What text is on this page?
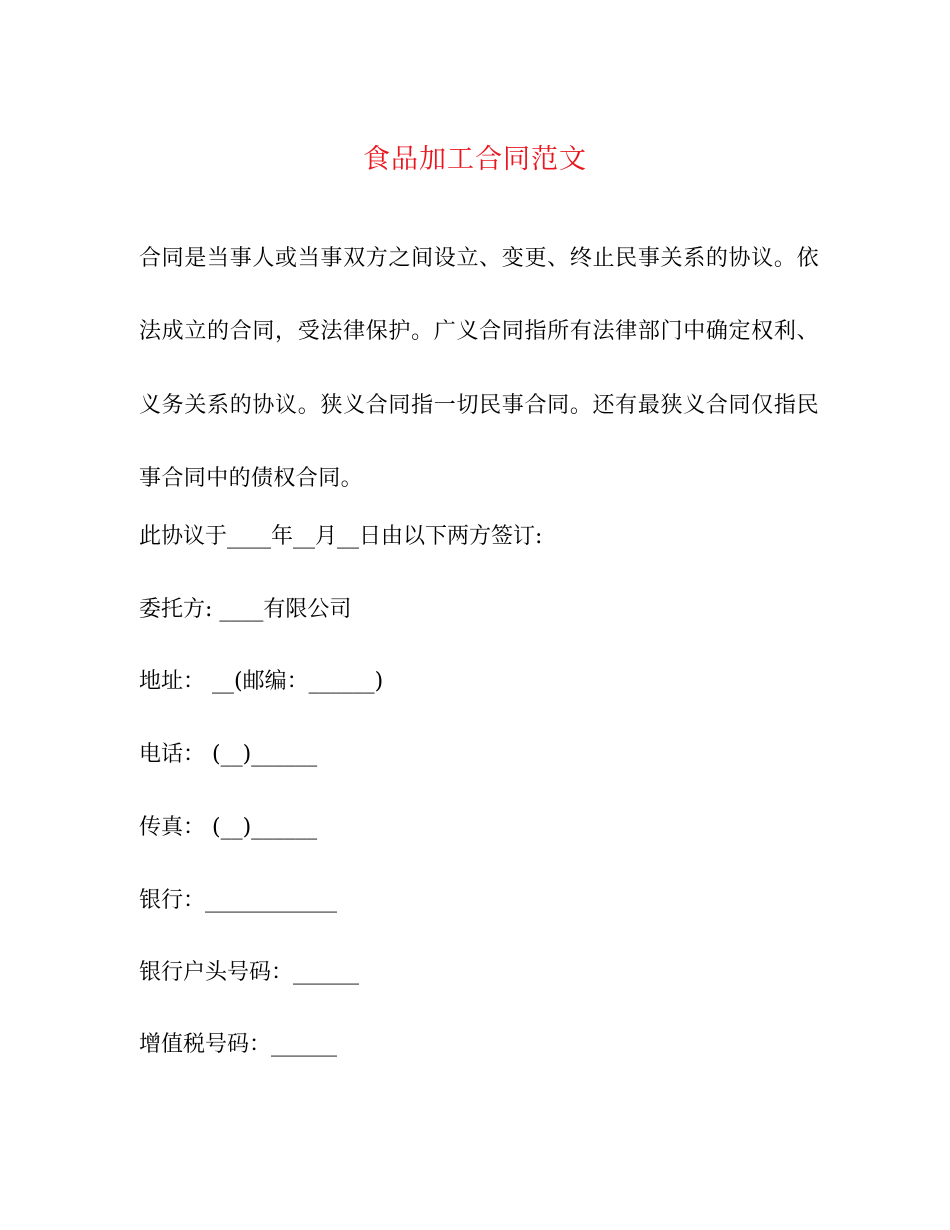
食品加工合同范文

合同是当事人或当事双方之间设立、变更、终止民事关系的协议。依法成立的合同，受法律保护。广义合同指所有法律部门中确定权利、义务关系的协议。狭义合同指一切民事合同。还有最狭义合同仅指民事合同中的债权合同。

此协议于____年__月__日由以下两方签订:
委托方: ____有限公司
地址： __(邮编：______)
电话： (__)______
传真： (__)______
银行：____________
银行户头号码：______
增值税号码：______
